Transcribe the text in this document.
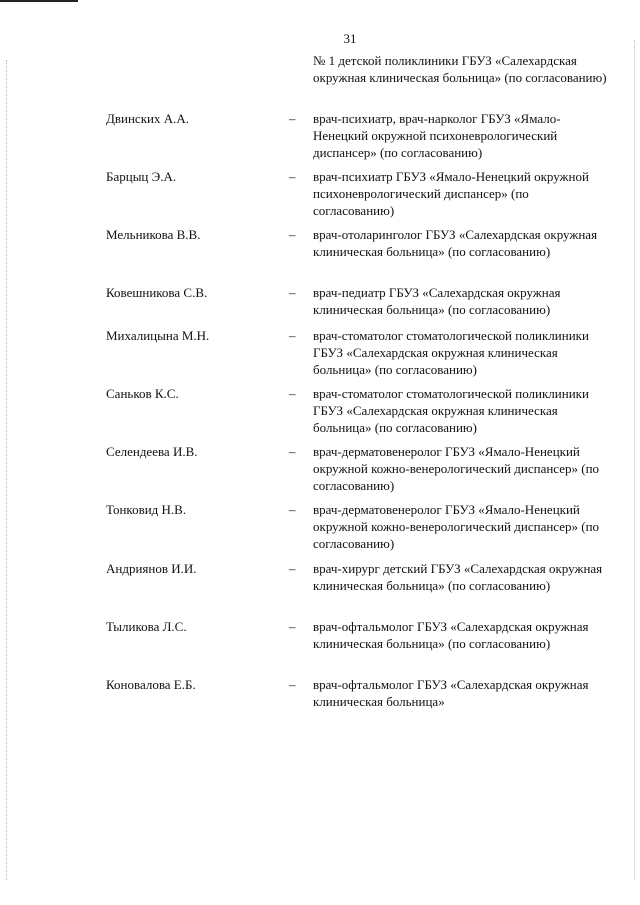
31
№ 1 детской поликлиники ГБУЗ «Салехардская окружная клиническая больница» (по согласованию)
Двинских А.А.	– врач-психиатр, врач-нарколог ГБУЗ «Ямало-Ненецкий окружной психоневрологический диспансер» (по согласованию)
Барцыц Э.А.	– врач-психиатр ГБУЗ «Ямало-Ненецкий окружной психоневрологический диспансер» (по согласованию)
Мельникова В.В.	– врач-отоларинголог ГБУЗ «Салехардская окружная клиническая больница» (по согласованию)
Ковешникова С.В.	– врач-педиатр ГБУЗ «Салехардская окружная клиническая больница» (по согласованию)
Михалицына М.Н.	– врач-стоматолог стоматологической поликлиники ГБУЗ «Салехардская окружная клиническая больница» (по согласованию)
Саньков К.С.	– врач-стоматолог стоматологической поликлиники ГБУЗ «Салехардская окружная клиническая больница» (по согласованию)
Селендеева И.В.	– врач-дерматовенеролог ГБУЗ «Ямало-Ненецкий окружной кожно-венерологический диспансер» (по согласованию)
Тонковид Н.В.	– врач-дерматовенеролог ГБУЗ «Ямало-Ненецкий окружной кожно-венерологический диспансер» (по согласованию)
Андриянов И.И.	– врач-хирург детский ГБУЗ «Салехардская окружная клиническая больница» (по согласованию)
Тыликова Л.С.	– врач-офтальмолог ГБУЗ «Салехардская окружная клиническая больница» (по согласованию)
Коновалова Е.Б.	– врач-офтальмолог ГБУЗ «Салехардская окружная клиническая больница»
